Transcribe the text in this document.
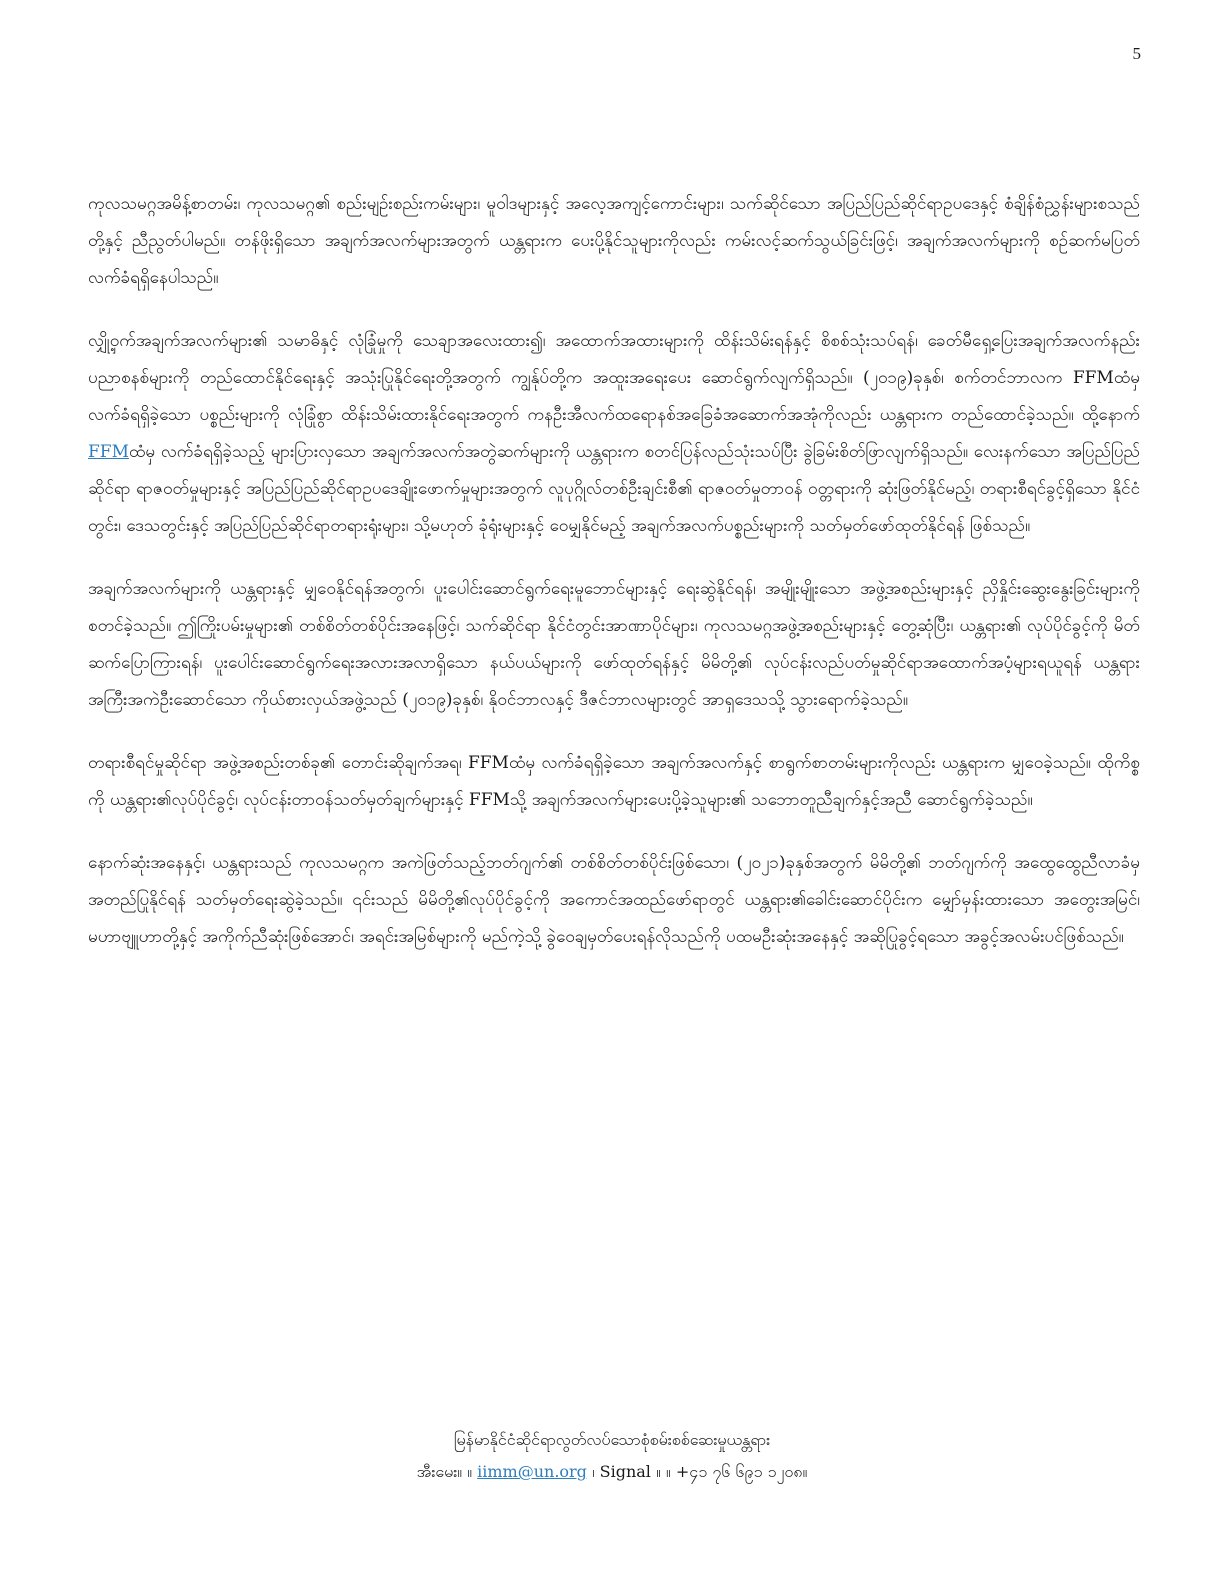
5

ကုလသမဂ္ဂအမိန့်စာတမ်း၊ ကုလသမဂ္ဂ၏ စည်းမျဉ်းစည်းကမ်းများ၊ မူဝါဒများနှင့် အလေ့အကျင့်ကောင်းများ၊ သက်ဆိုင်သော အပြည်ပြည်ဆိုင်ရာဥပဒေနှင့် စံချိန်စံညွှန်းများစသည်တို့နှင့် ညီညွတ်ပါမည်။ တန်ဖိုးရှိသော အချက်အလက်များအတွက် ယန္တရားက ပေးပို့နိုင်သူများကိုလည်း ကမ်းလင့်ဆက်သွယ်ခြင်းဖြင့်၊ အချက်အလက်များကို စဉ်ဆက်မပြတ် လက်ခံရရှိနေပါသည်။

လျှို့ဝှက်အချက်အလက်များ၏ သမာဓိနှင့် လုံခြုံမှုကို သေချာအလေးထား၍၊ အထောက်အထားများကို ထိန်းသိမ်းရန်နှင့် စိစစ်သုံးသပ်ရန်၊ ခေတ်မီရှေ့ပြေးအချက်အလက်နည်းပညာစနစ်များကို တည်ထောင်နိုင်ရေးနှင့် အသုံးပြုနိုင်ရေးတို့အတွက် ကျွန်ုပ်တို့က အထူးအရေးပေး ဆောင်ရွက်လျက်ရှိသည်။ (၂၀၁၉)ခုနှစ်၊ စက်တင်ဘာလက FFMထံမှ လက်ခံရရှိခဲ့သော ပစ္စည်းများကို လုံခြုံစွာ ထိန်းသိမ်းထားနိုင်ရေးအတွက် ကနဦးအီလက်ထရောနစ်အခြေခံအဆောက်အအုံကိုလည်း ယန္တရားက တည်ထောင်ခဲ့သည်။ ထို့နောက် FFMထံမှ လက်ခံရရှိခဲ့သည့် များပြားလှသော အချက်အလက်အတွဲဆက်များကို ယန္တရားက စတင်ပြန်လည်သုံးသပ်ပြီး ခွဲခြမ်းစိတ်ဖြာလျက်ရှိသည်။ လေးနက်သော အပြည်ပြည်ဆိုင်ရာ ရာဇဝတ်မှုများနှင့် အပြည်ပြည်ဆိုင်ရာဥပဒေချိုးဖောက်မှုများအတွက် လူပုဂ္ဂိုလ်တစ်ဦးချင်းစီ၏ ရာဇဝတ်မှုတာဝန် ဝတ္တရားကို ဆုံးဖြတ်နိုင်မည့်၊ တရားစီရင်ခွင့်ရှိသော နိုင်ငံတွင်း၊ ဒေသတွင်းနှင့် အပြည်ပြည်ဆိုင်ရာတရားရုံးများ၊ သို့မဟုတ် ခုံရုံးများနှင့် ဝေမျှနိုင်မည့် အချက်အလက်ပစ္စည်းများကို သတ်မှတ်ဖော်ထုတ်နိုင်ရန် ဖြစ်သည်။

အချက်အလက်များကို ယန္တရားနှင့် မျှဝေနိုင်ရန်အတွက်၊ ပူးပေါင်းဆောင်ရွက်ရေးမူဘောင်များနှင့် ရေးဆွဲနိုင်ရန်၊ အမျိုးမျိုးသော အဖွဲ့အစည်းများနှင့် ညှိနှိုင်းဆွေးနွေးခြင်းများကို စတင်ခဲ့သည်။ ဤကြိုးပမ်းမှုများ၏ တစ်စိတ်တစ်ပိုင်းအနေဖြင့်၊ သက်ဆိုင်ရာ နိုင်ငံတွင်းအာဏာပိုင်များ၊ ကုလသမဂ္ဂအဖွဲ့အစည်းများနှင့် တွေ့ဆုံပြီး၊ ယန္တရား၏ လုပ်ပိုင်ခွင့်ကို မိတ်ဆက်ပြောကြားရန်၊ ပူးပေါင်းဆောင်ရွက်ရေးအလားအလာရှိသော နယ်ပယ်များကို ဖော်ထုတ်ရန်နှင့် မိမိတို့၏ လုပ်ငန်းလည်ပတ်မှုဆိုင်ရာအထောက်အပံ့များရယူရန် ယန္တရားအကြီးအကဲဦးဆောင်သော ကိုယ်စားလှယ်အဖွဲ့သည် (၂၀၁၉)ခုနှစ်၊ နိုဝင်ဘာလနှင့် ဒီဇင်ဘာလများတွင် အာရှဒေသသို့ သွားရောက်ခဲ့သည်။

တရားစီရင်မှုဆိုင်ရာ အဖွဲ့အစည်းတစ်ခု၏ တောင်းဆိုချက်အရ၊ FFMထံမှ လက်ခံရရှိခဲ့သော အချက်အလက်နှင့် စာရွက်စာတမ်းများကိုလည်း ယန္တရားက မျှဝေခဲ့သည်။ ထိုကိစ္စကို ယန္တရား၏လုပ်ပိုင်ခွင့်၊ လုပ်ငန်းတာဝန်သတ်မှတ်ချက်များနှင့် FFMသို့ အချက်အလက်များပေးပို့ခဲ့သူများ၏ သဘောတူညီချက်နှင့်အညီ ဆောင်ရွက်ခဲ့သည်။

နောက်ဆုံးအနေနှင့်၊ ယန္တရားသည် ကုလသမဂ္ဂက အကဲဖြတ်သည့်ဘတ်ဂျက်၏ တစ်စိတ်တစ်ပိုင်းဖြစ်သော၊ (၂၀၂၁)ခုနှစ်အတွက် မိမိတို့၏ ဘတ်ဂျက်ကို အထွေထွေညီလာခံမှ အတည်ပြုနိုင်ရန် သတ်မှတ်ရေးဆွဲခဲ့သည်။ ၎င်းသည် မိမိတို့၏လုပ်ပိုင်ခွင့်ကို အကောင်အထည်ဖော်ရာတွင် ယန္တရား၏ခေါင်းဆောင်ပိုင်းက မျှော်မှန်းထားသော အတွေးအမြင်၊ မဟာဗျူဟာတို့နှင့် အကိုက်ညီဆုံးဖြစ်အောင်၊ အရင်းအမြစ်များကို မည်ကဲ့သို့ ခွဲဝေချမှတ်ပေးရန်လိုသည်ကို ပထမဦးဆုံးအနေနှင့် အဆိုပြုခွင့်ရသော အခွင့်အလမ်းပင်ဖြစ်သည်။

မြန်မာနိုင်ငံဆိုင်ရာလွတ်လပ်သောစုံစမ်းစစ်ဆေးမှုယန္တရား
အီးမေး။ ။ iimm@un.org ၊ Signal ။ ။ +၄၁ ၇၆ ၆၉၁ ၁၂၀၈။
